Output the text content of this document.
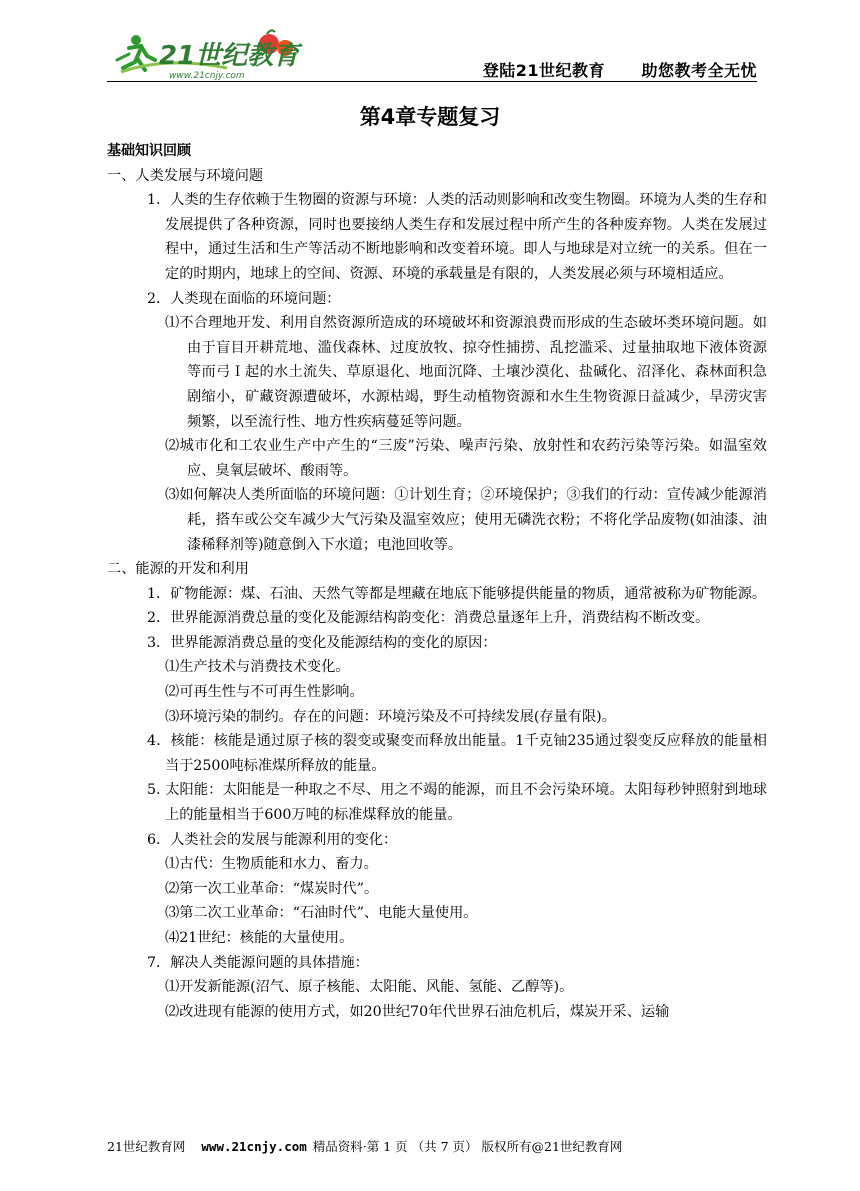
21世纪教育
www.21cnjy.com	登陆21世纪教育 助您教考全无忧
第4章专题复习
基础知识回顾
一、人类发展与环境问题
1．人类的生存依赖于生物圈的资源与环境：人类的活动则影响和改变生物圈。环境为人类的生存和发展提供了各种资源，同时也要接纳人类生存和发展过程中所产生的各种废弃物。人类在发展过程中，通过生活和生产等活动不断地影响和改变着环境。即人与地球是对立统一的关系。但在一定的时期内，地球上的空间、资源、环境的承载量是有限的，人类发展必须与环境相适应。
2．人类现在面临的环境问题：
⑴不合理地开发、利用自然资源所造成的环境破坏和资源浪费而形成的生态破坏类环境问题。如由于盲目开耕荒地、滥伐森林、过度放牧、掠夺性捕捞、乱挖滥采、过量抽取地下液体资源等而弓Ｉ起的水土流失、草原退化、地面沉降、土壤沙漠化、盐碱化、沼泽化、森林面积急剧缩小，矿藏资源遭破坏，水源枯竭，野生动植物资源和水生生物资源日益减少，旱涝灾害频繁，以至流行性、地方性疾病蔓延等问题。
⑵城市化和工农业生产中产生的“三废”污染、噪声污染、放射性和农药污染等污染。如温室效应、臭氧层破坏、酸雨等。
⑶如何解决人类所面临的环境问题：①计划生育；②环境保护；③我们的行动：宣传减少能源消耗，搭车或公交车减少大气污染及温室效应；使用无磷洗衣粉；不将化学品废物(如油漆、油漆稀释剂等)随意倒入下水道；电池回收等。
二、能源的开发和利用
1．矿物能源：煤、石油、天然气等都是埋藏在地底下能够提供能量的物质，通常被称为矿物能源。
2．世界能源消费总量的变化及能源结构韵变化：消费总量逐年上升，消费结构不断改变。
3．世界能源消费总量的变化及能源结构的变化的原因：
⑴生产技术与消费技术变化。
⑵可再生性与不可再生性影响。
⑶环境污染的制约。存在的问题：环境污染及不可持续发展(存量有限)。
4．核能：核能是通过原子核的裂变或聚变而释放出能量。1千克铀235通过裂变反应释放的能量相当于2500吨标准煤所释放的能量。
5. 太阳能：太阳能是一种取之不尽、用之不竭的能源，而且不会污染环境。太阳每秒钟照射到地球上的能量相当于600万吨的标准煤释放的能量。
6．人类社会的发展与能源利用的变化：
⑴古代：生物质能和水力、畜力。
⑵第一次工业革命：“煤炭时代”。
⑶第二次工业革命：“石油时代”、电能大量使用。
⑷21世纪：核能的大量使用。
7．解决人类能源问题的具体措施：
⑴开发新能源(沼气、原子核能、太阳能、风能、氢能、乙醇等)。
⑵改进现有能源的使用方式，如20世纪70年代世界石油危机后，煤炭开采、运输
21世纪教育网 www.21cnjy.com 精品资料·第 1 页 （共 7 页） 版权所有@21世纪教育网
